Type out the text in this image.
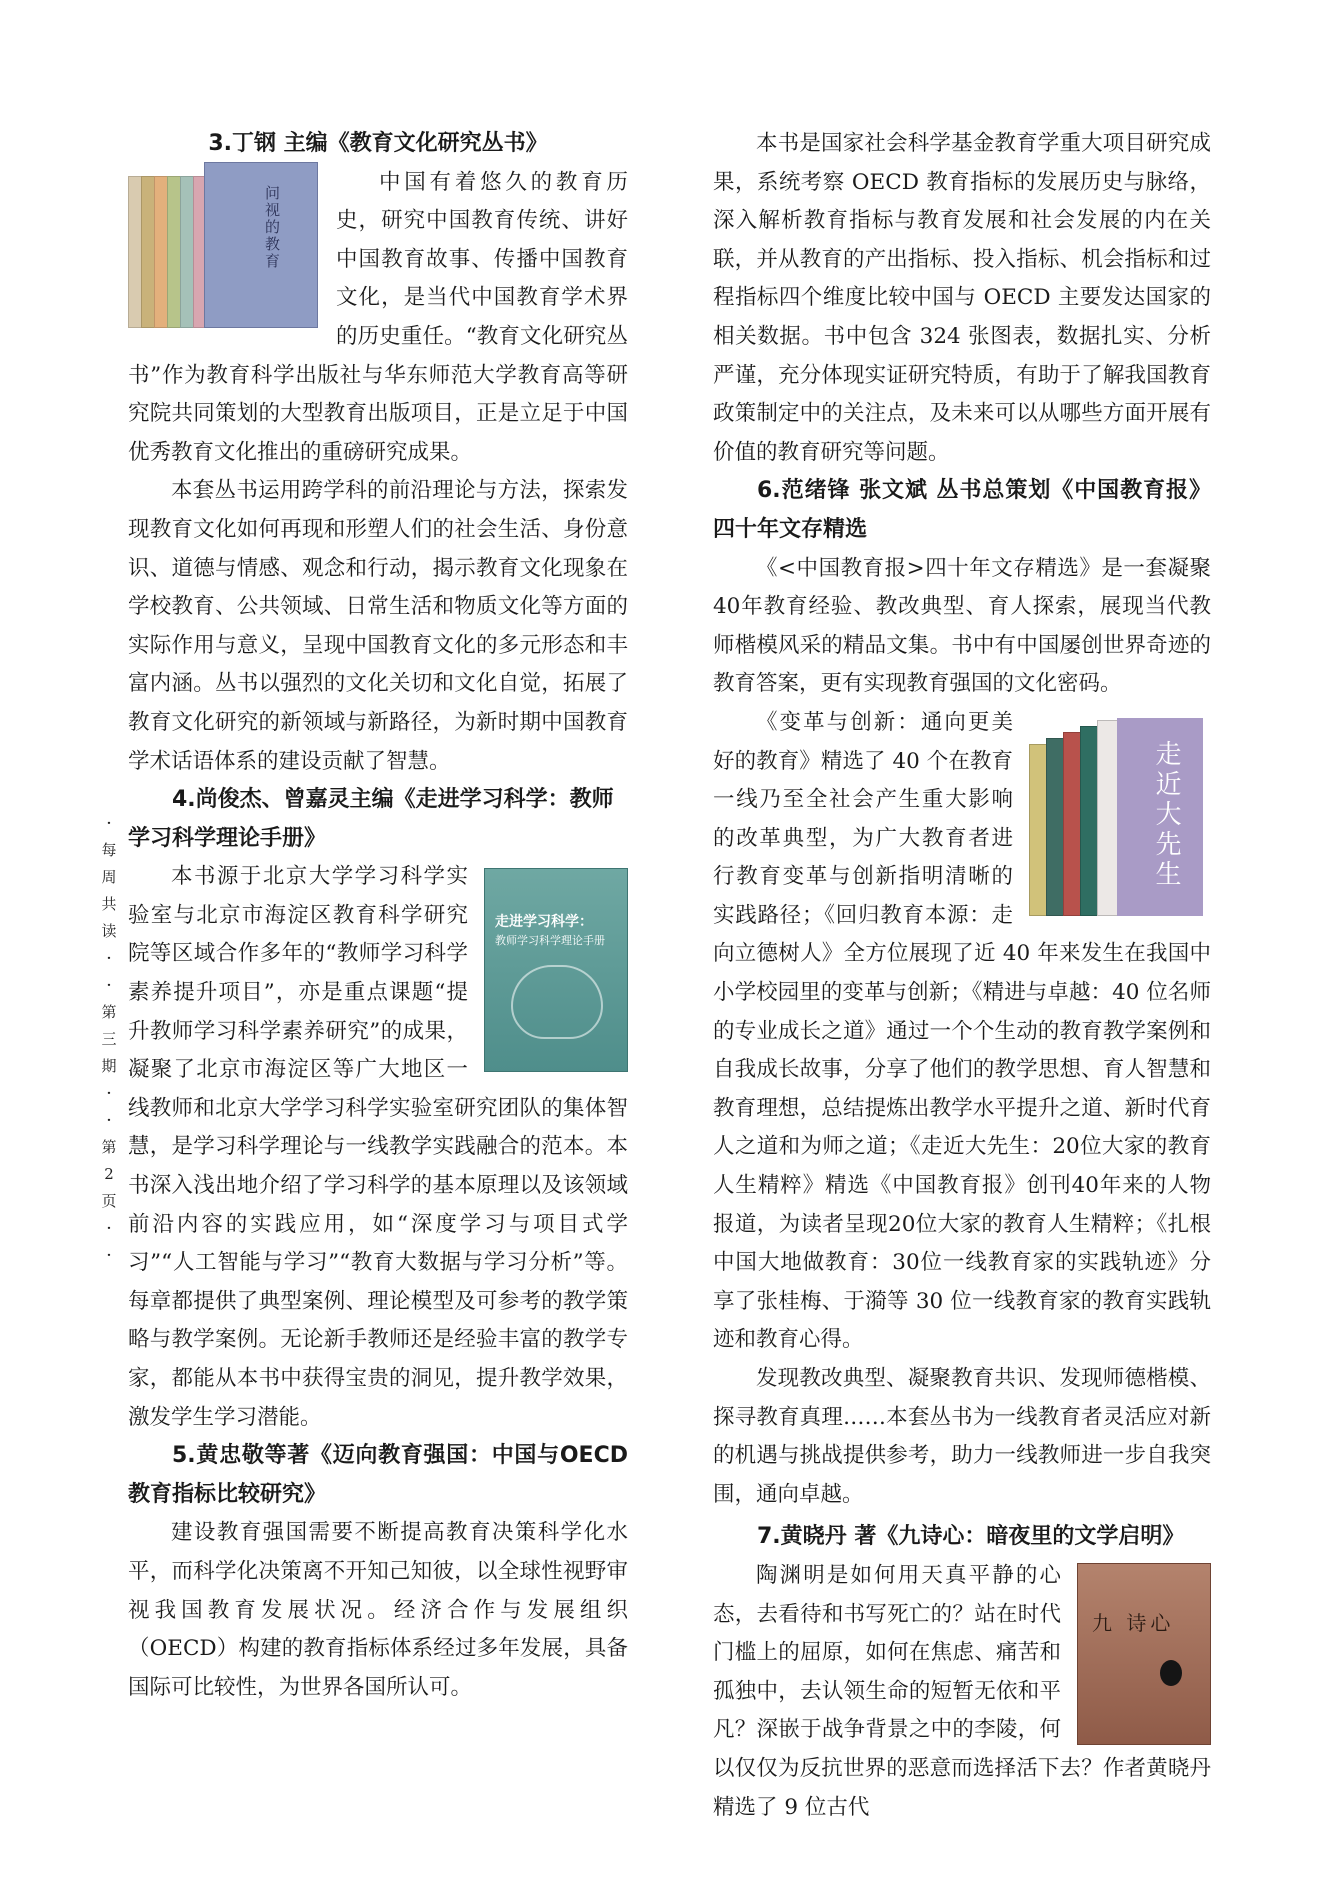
3.丁钢 主编《教育文化研究丛书》
问视的教育

中国有着悠久的教育历史，研究中国教育传统、讲好中国教育故事、传播中国教育文化，是当代中国教育学术界的历史重任。“教育文化研究丛书”作为教育科学出版社与华东师范大学教育高等研究院共同策划的大型教育出版项目，正是立足于中国优秀教育文化推出的重磅研究成果。

本套丛书运用跨学科的前沿理论与方法，探索发现教育文化如何再现和形塑人们的社会生活、身份意识、道德与情感、观念和行动，揭示教育文化现象在学校教育、公共领域、日常生活和物质文化等方面的实际作用与意义，呈现中国教育文化的多元形态和丰富内涵。丛书以强烈的文化关切和文化自觉，拓展了教育文化研究的新领域与新路径，为新时期中国教育学术话语体系的建设贡献了智慧。

4.尚俊杰、曾嘉灵主编《走进学习科学：教师学习科学理论手册》
走进学习科学：
教师学习科学理论手册

本书源于北京大学学习科学实验室与北京市海淀区教育科学研究院等区域合作多年的“教师学习科学素养提升项目”，亦是重点课题“提升教师学习科学素养研究”的成果，凝聚了北京市海淀区等广大地区一线教师和北京大学学习科学实验室研究团队的集体智慧，是学习科学理论与一线教学实践融合的范本。本书深入浅出地介绍了学习科学的基本原理以及该领域前沿内容的实践应用，如“深度学习与项目式学习”“人工智能与学习”“教育大数据与学习分析”等。每章都提供了典型案例、理论模型及可参考的教学策略与教学案例。无论新手教师还是经验丰富的教学专家，都能从本书中获得宝贵的洞见，提升教学效果，激发学生学习潜能。

5.黄忠敬等著《迈向教育强国：中国与OECD 教育指标比较研究》

建设教育强国需要不断提高教育决策科学化水平，而科学化决策离不开知己知彼，以全球性视野审视我国教育发展状况。经济合作与发展组织（OECD）构建的教育指标体系经过多年发展，具备国际可比较性，为世界各国所认可。

·
每
周
共
读
·
·
第
三
期
·
·
第
2
页
·
·

本书是国家社会科学基金教育学重大项目研究成果，系统考察 OECD 教育指标的发展历史与脉络，深入解析教育指标与教育发展和社会发展的内在关联，并从教育的产出指标、投入指标、机会指标和过程指标四个维度比较中国与 OECD 主要发达国家的相关数据。书中包含 324 张图表，数据扎实、分析严谨，充分体现实证研究特质，有助于了解我国教育政策制定中的关注点，及未来可以从哪些方面开展有价值的教育研究等问题。

6.范绪锋 张文斌 丛书总策划《中国教育报》四十年文存精选

《<中国教育报>四十年文存精选》是一套凝聚40年教育经验、教改典型、育人探索，展现当代教师楷模风采的精品文集。书中有中国屡创世界奇迹的教育答案，更有实现教育强国的文化密码。

走近大先生

《变革与创新：通向更美好的教育》精选了 40 个在教育一线乃至全社会产生重大影响的改革典型，为广大教育者进行教育变革与创新指明清晰的实践路径；《回归教育本源：走向立德树人》全方位展现了近 40 年来发生在我国中小学校园里的变革与创新；《精进与卓越：40 位名师的专业成长之道》通过一个个生动的教育教学案例和自我成长故事，分享了他们的教学思想、育人智慧和教育理想，总结提炼出教学水平提升之道、新时代育人之道和为师之道；《走近大先生：20位大家的教育人生精粹》精选《中国教育报》创刊40年来的人物报道，为读者呈现20位大家的教育人生精粹；《扎根中国大地做教育：30位一线教育家的实践轨迹》分享了张桂梅、于漪等 30 位一线教育家的教育实践轨迹和教育心得。

发现教改典型、凝聚教育共识、发现师德楷模、探寻教育真理……本套丛书为一线教育者灵活应对新的机遇与挑战提供参考，助力一线教师进一步自我突围，通向卓越。

7.黄晓丹 著《九诗心：暗夜里的文学启明》
九 诗心

陶渊明是如何用天真平静的心态，去看待和书写死亡的？站在时代门槛上的屈原，如何在焦虑、痛苦和孤独中，去认领生命的短暂无依和平凡？深嵌于战争背景之中的李陵，何以仅仅为反抗世界的恶意而选择活下去？作者黄晓丹精选了 9 位古代
